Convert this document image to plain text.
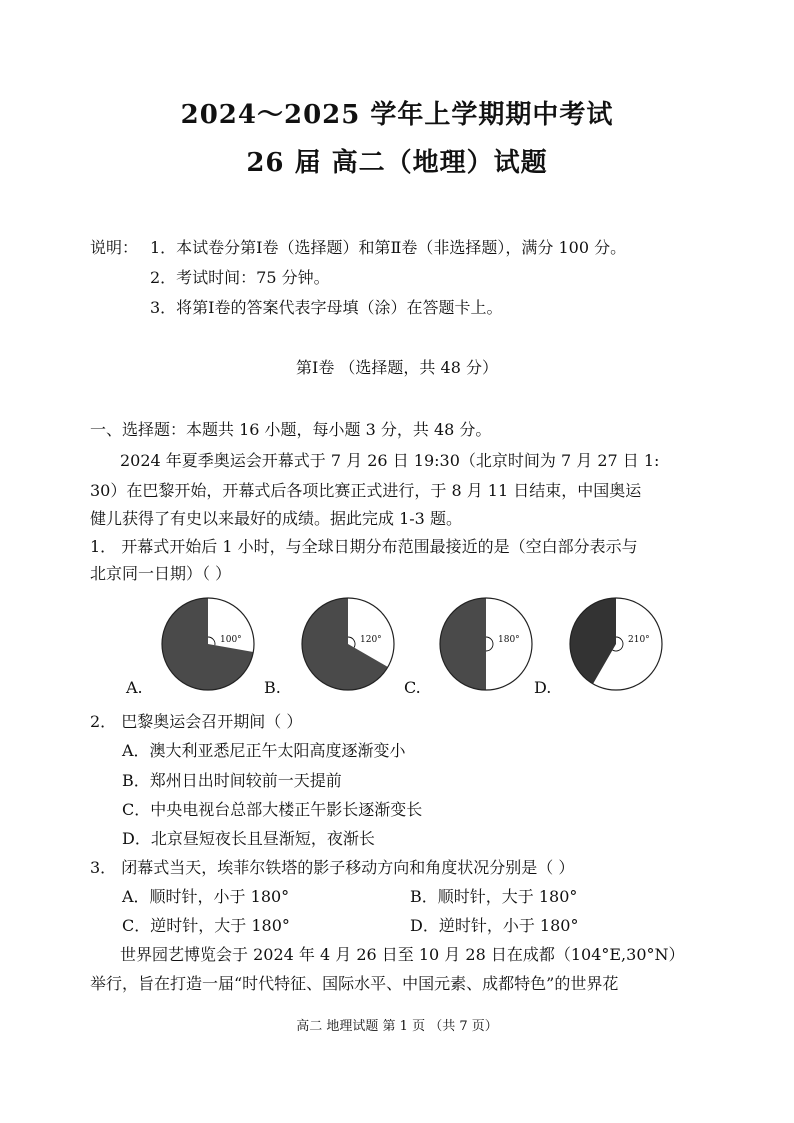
2024～2025 学年上学期期中考试
26 届 高二（地理）试题
说明： 1．本试卷分第Ⅰ卷（选择题）和第Ⅱ卷（非选择题），满分 100 分。
2．考试时间：75 分钟。
3．将第Ⅰ卷的答案代表字母填（涂）在答题卡上。
第Ⅰ卷 （选择题，共 48 分）
一、选择题：本题共 16 小题，每小题 3 分，共 48 分。
2024 年夏季奥运会开幕式于 7 月 26 日 19:30（北京时间为 7 月 27 日 1:
30）在巴黎开始，开幕式后各项比赛正式进行，于 8 月 11 日结束，中国奥运
健儿获得了有史以来最好的成绩。据此完成 1-3 题。
1． 开幕式开始后 1 小时，与全球日期分布范围最接近的是（空白部分表示与
北京同一日期）（ ）
100°	120°	180°	210°
A.	B.	C.	D.
2． 巴黎奥运会召开期间（ ）
A．澳大利亚悉尼正午太阳高度逐渐变小
B．郑州日出时间较前一天提前
C．中央电视台总部大楼正午影长逐渐变长
D．北京昼短夜长且昼渐短，夜渐长
3． 闭幕式当天，埃菲尔铁塔的影子移动方向和角度状况分别是（ ）
A．顺时针，小于 180°	B．顺时针，大于 180°
C．逆时针，大于 180°	D．逆时针，小于 180°
世界园艺博览会于 2024 年 4 月 26 日至 10 月 28 日在成都（104°E,30°N）
举行，旨在打造一届“时代特征、国际水平、中国元素、成都特色”的世界花
高二 地理试题 第 1 页 （共 7 页）
